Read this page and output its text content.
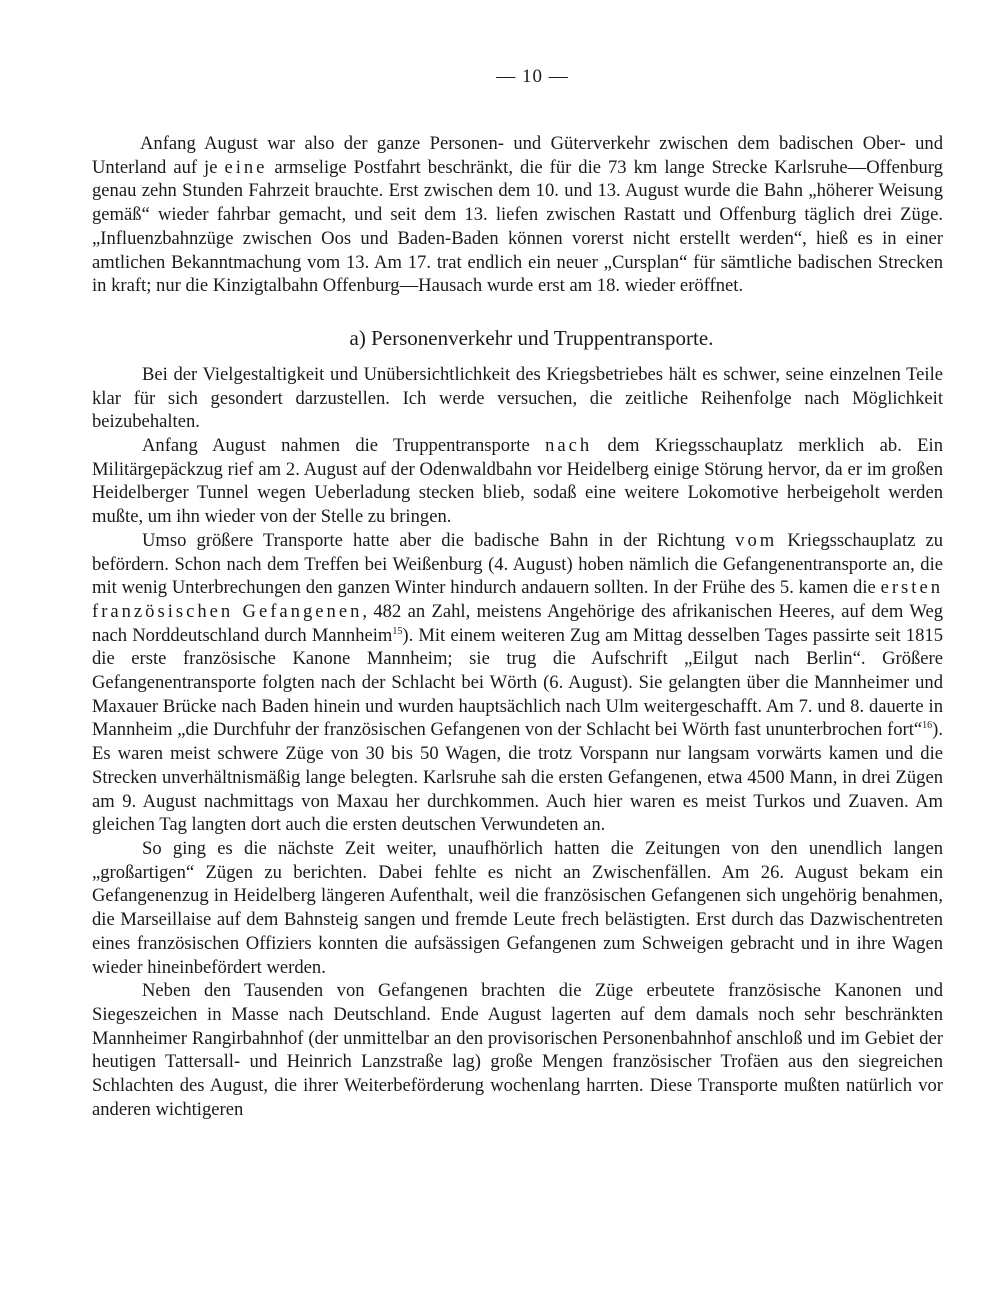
— 10 —

Anfang August war also der ganze Personen- und Güterverkehr zwischen dem badischen Ober- und Unterland auf je eine armselige Postfahrt beschränkt, die für die 73 km lange Strecke Karlsruhe—Offenburg genau zehn Stunden Fahrzeit brauchte. Erst zwischen dem 10. und 13. August wurde die Bahn „höherer Weisung gemäß“ wieder fahrbar gemacht, und seit dem 13. liefen zwischen Rastatt und Offenburg täglich drei Züge. „Influenzbahnzüge zwischen Oos und Baden-Baden können vorerst nicht erstellt werden“, hieß es in einer amtlichen Bekanntmachung vom 13. Am 17. trat endlich ein neuer „Cursplan“ für sämtliche badischen Strecken in kraft; nur die Kinzigtalbahn Offenburg—Hausach wurde erst am 18. wieder eröffnet.

a) Personenverkehr und Truppentransporte.

Bei der Vielgestaltigkeit und Unübersichtlichkeit des Kriegsbetriebes hält es schwer, seine einzelnen Teile klar für sich gesondert darzustellen. Ich werde versuchen, die zeitliche Reihenfolge nach Möglichkeit beizubehalten.

Anfang August nahmen die Truppentransporte nach dem Kriegsschauplatz merklich ab. Ein Militärgepäckzug rief am 2. August auf der Odenwaldbahn vor Heidelberg einige Störung hervor, da er im großen Heidelberger Tunnel wegen Ueberladung stecken blieb, sodaß eine weitere Lokomotive herbeigeholt werden mußte, um ihn wieder von der Stelle zu bringen.

Umso größere Transporte hatte aber die badische Bahn in der Richtung vom Kriegsschauplatz zu befördern. Schon nach dem Treffen bei Weißenburg (4. August) hoben nämlich die Gefangenentransporte an, die mit wenig Unterbrechungen den ganzen Winter hindurch andauern sollten. In der Frühe des 5. kamen die ersten französischen Gefangenen, 482 an Zahl, meistens Angehörige des afrikanischen Heeres, auf dem Weg nach Norddeutschland durch Mannheim$^{15}$). Mit einem weiteren Zug am Mittag desselben Tages passirte seit 1815 die erste französische Kanone Mannheim; sie trug die Aufschrift „Eilgut nach Berlin“. Größere Gefangenentransporte folgten nach der Schlacht bei Wörth (6. August). Sie gelangten über die Mannheimer und Maxauer Brücke nach Baden hinein und wurden hauptsächlich nach Ulm weitergeschafft. Am 7. und 8. dauerte in Mannheim „die Durchfuhr der französischen Gefangenen von der Schlacht bei Wörth fast ununterbrochen fort“$^{16}$). Es waren meist schwere Züge von 30 bis 50 Wagen, die trotz Vorspann nur langsam vorwärts kamen und die Strecken unverhältnismäßig lange belegten. Karlsruhe sah die ersten Gefangenen, etwa 4500 Mann, in drei Zügen am 9. August nachmittags von Maxau her durchkommen. Auch hier waren es meist Turkos und Zuaven. Am gleichen Tag langten dort auch die ersten deutschen Verwundeten an.

So ging es die nächste Zeit weiter, unaufhörlich hatten die Zeitungen von den unendlich langen „großartigen“ Zügen zu berichten. Dabei fehlte es nicht an Zwischenfällen. Am 26. August bekam ein Gefangenenzug in Heidelberg längeren Aufenthalt, weil die französischen Gefangenen sich ungehörig benahmen, die Marseillaise auf dem Bahnsteig sangen und fremde Leute frech belästigten. Erst durch das Dazwischentreten eines französischen Offiziers konnten die aufsässigen Gefangenen zum Schweigen gebracht und in ihre Wagen wieder hineinbefördert werden.

Neben den Tausenden von Gefangenen brachten die Züge erbeutete französische Kanonen und Siegeszeichen in Masse nach Deutschland. Ende August lagerten auf dem damals noch sehr beschränkten Mannheimer Rangirbahnhof (der unmittelbar an den provisorischen Personenbahnhof anschloß und im Gebiet der heutigen Tattersall- und Heinrich Lanzstraße lag) große Mengen französischer Trofäen aus den siegreichen Schlachten des August, die ihrer Weiterbeförderung wochenlang harrten. Diese Transporte mußten natürlich vor anderen wichtigeren
